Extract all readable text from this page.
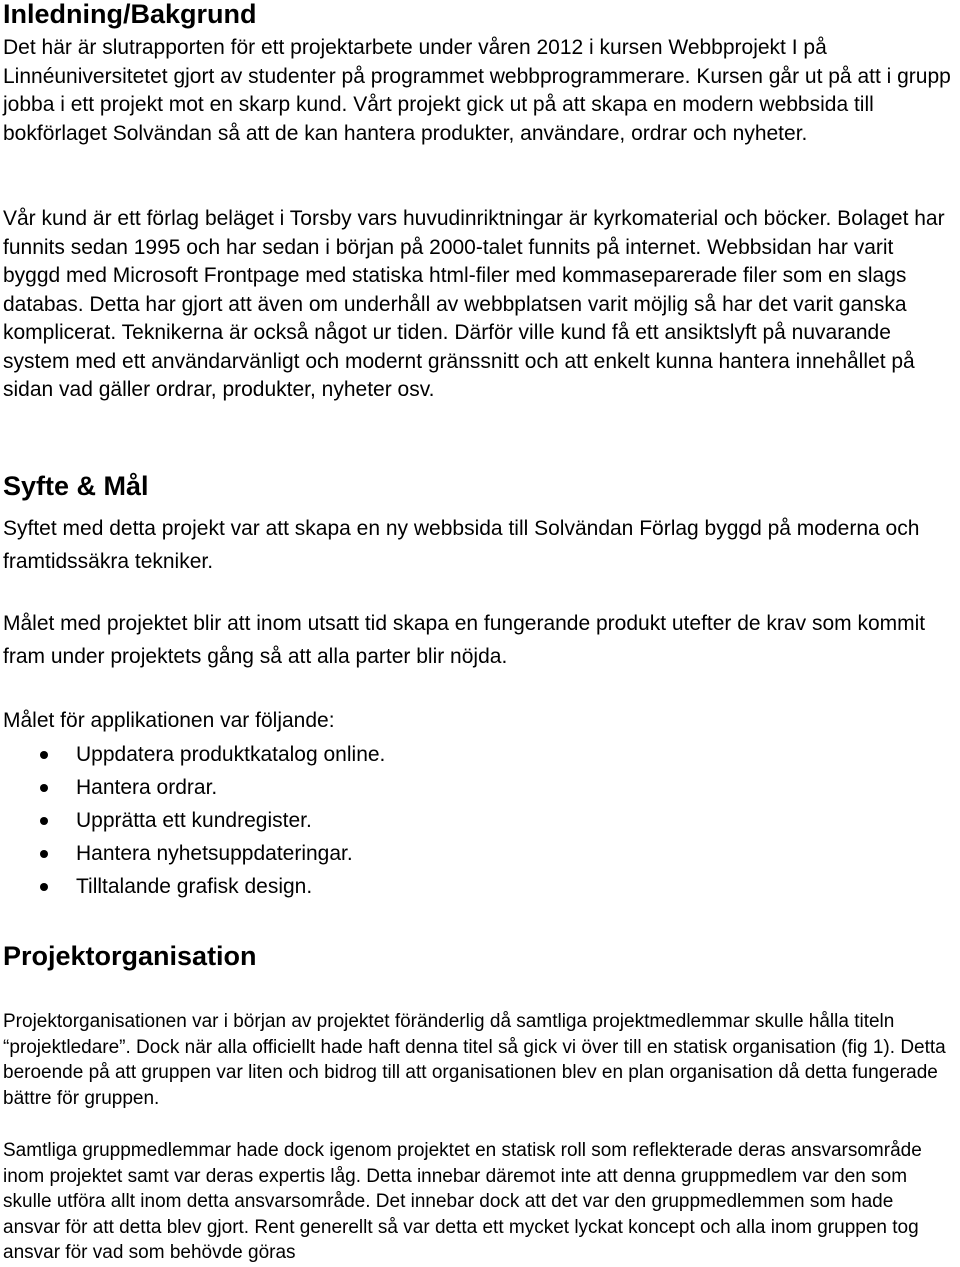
Inledning/Bakgrund

Det här är slutrapporten för ett projektarbete under våren 2012 i kursen Webbprojekt I på Linnéuniversitetet gjort av studenter på programmet webbprogrammerare. Kursen går ut på att i grupp jobba i ett projekt mot en skarp kund. Vårt projekt gick ut på att skapa en modern webbsida till bokförlaget Solvändan så att de kan hantera produkter, användare, ordrar och nyheter.

Vår kund är ett förlag beläget i Torsby vars huvudinriktningar är kyrkomaterial och böcker. Bolaget har funnits sedan 1995 och har sedan i början på 2000-talet funnits på internet. Webbsidan har varit byggd med Microsoft Frontpage med statiska html-filer med kommaseparerade filer som en slags databas. Detta har gjort att även om underhåll av webbplatsen varit möjlig så har det varit ganska komplicerat. Teknikerna är också något ur tiden. Därför ville kund få ett ansiktslyft på nuvarande system med ett användarvänligt och modernt gränssnitt och att enkelt kunna hantera innehållet på sidan vad gäller ordrar, produkter, nyheter osv.

Syfte & Mål

Syftet med detta projekt var att skapa en ny webbsida till Solvändan Förlag byggd på moderna och framtidssäkra tekniker.

Målet med projektet blir att inom utsatt tid skapa en fungerande produkt utefter de krav som kommit fram under projektets gång så att alla parter blir nöjda.

Målet för applikationen var följande:

Uppdatera produktkatalog online.
Hantera ordrar.
Upprätta ett kundregister.
Hantera nyhetsuppdateringar.
Tilltalande grafisk design.
Projektorganisation

Projektorganisationen var i början av projektet föränderlig då samtliga projektmedlemmar skulle hålla titeln “projektledare”. Dock när alla officiellt hade haft denna titel så gick vi över till en statisk organisation (fig 1). Detta beroende på att gruppen var liten och bidrog till att organisationen blev en plan organisation då detta fungerade bättre för gruppen.

Samtliga gruppmedlemmar hade dock igenom projektet en statisk roll som reflekterade deras ansvarsområde inom projektet samt var deras expertis låg. Detta innebar däremot inte att denna gruppmedlem var den som skulle utföra allt inom detta ansvarsområde. Det innebar dock att det var den gruppmedlemmen som hade ansvar för att detta blev gjort. Rent generellt så var detta ett mycket lyckat koncept och alla inom gruppen tog ansvar för vad som behövde göras
